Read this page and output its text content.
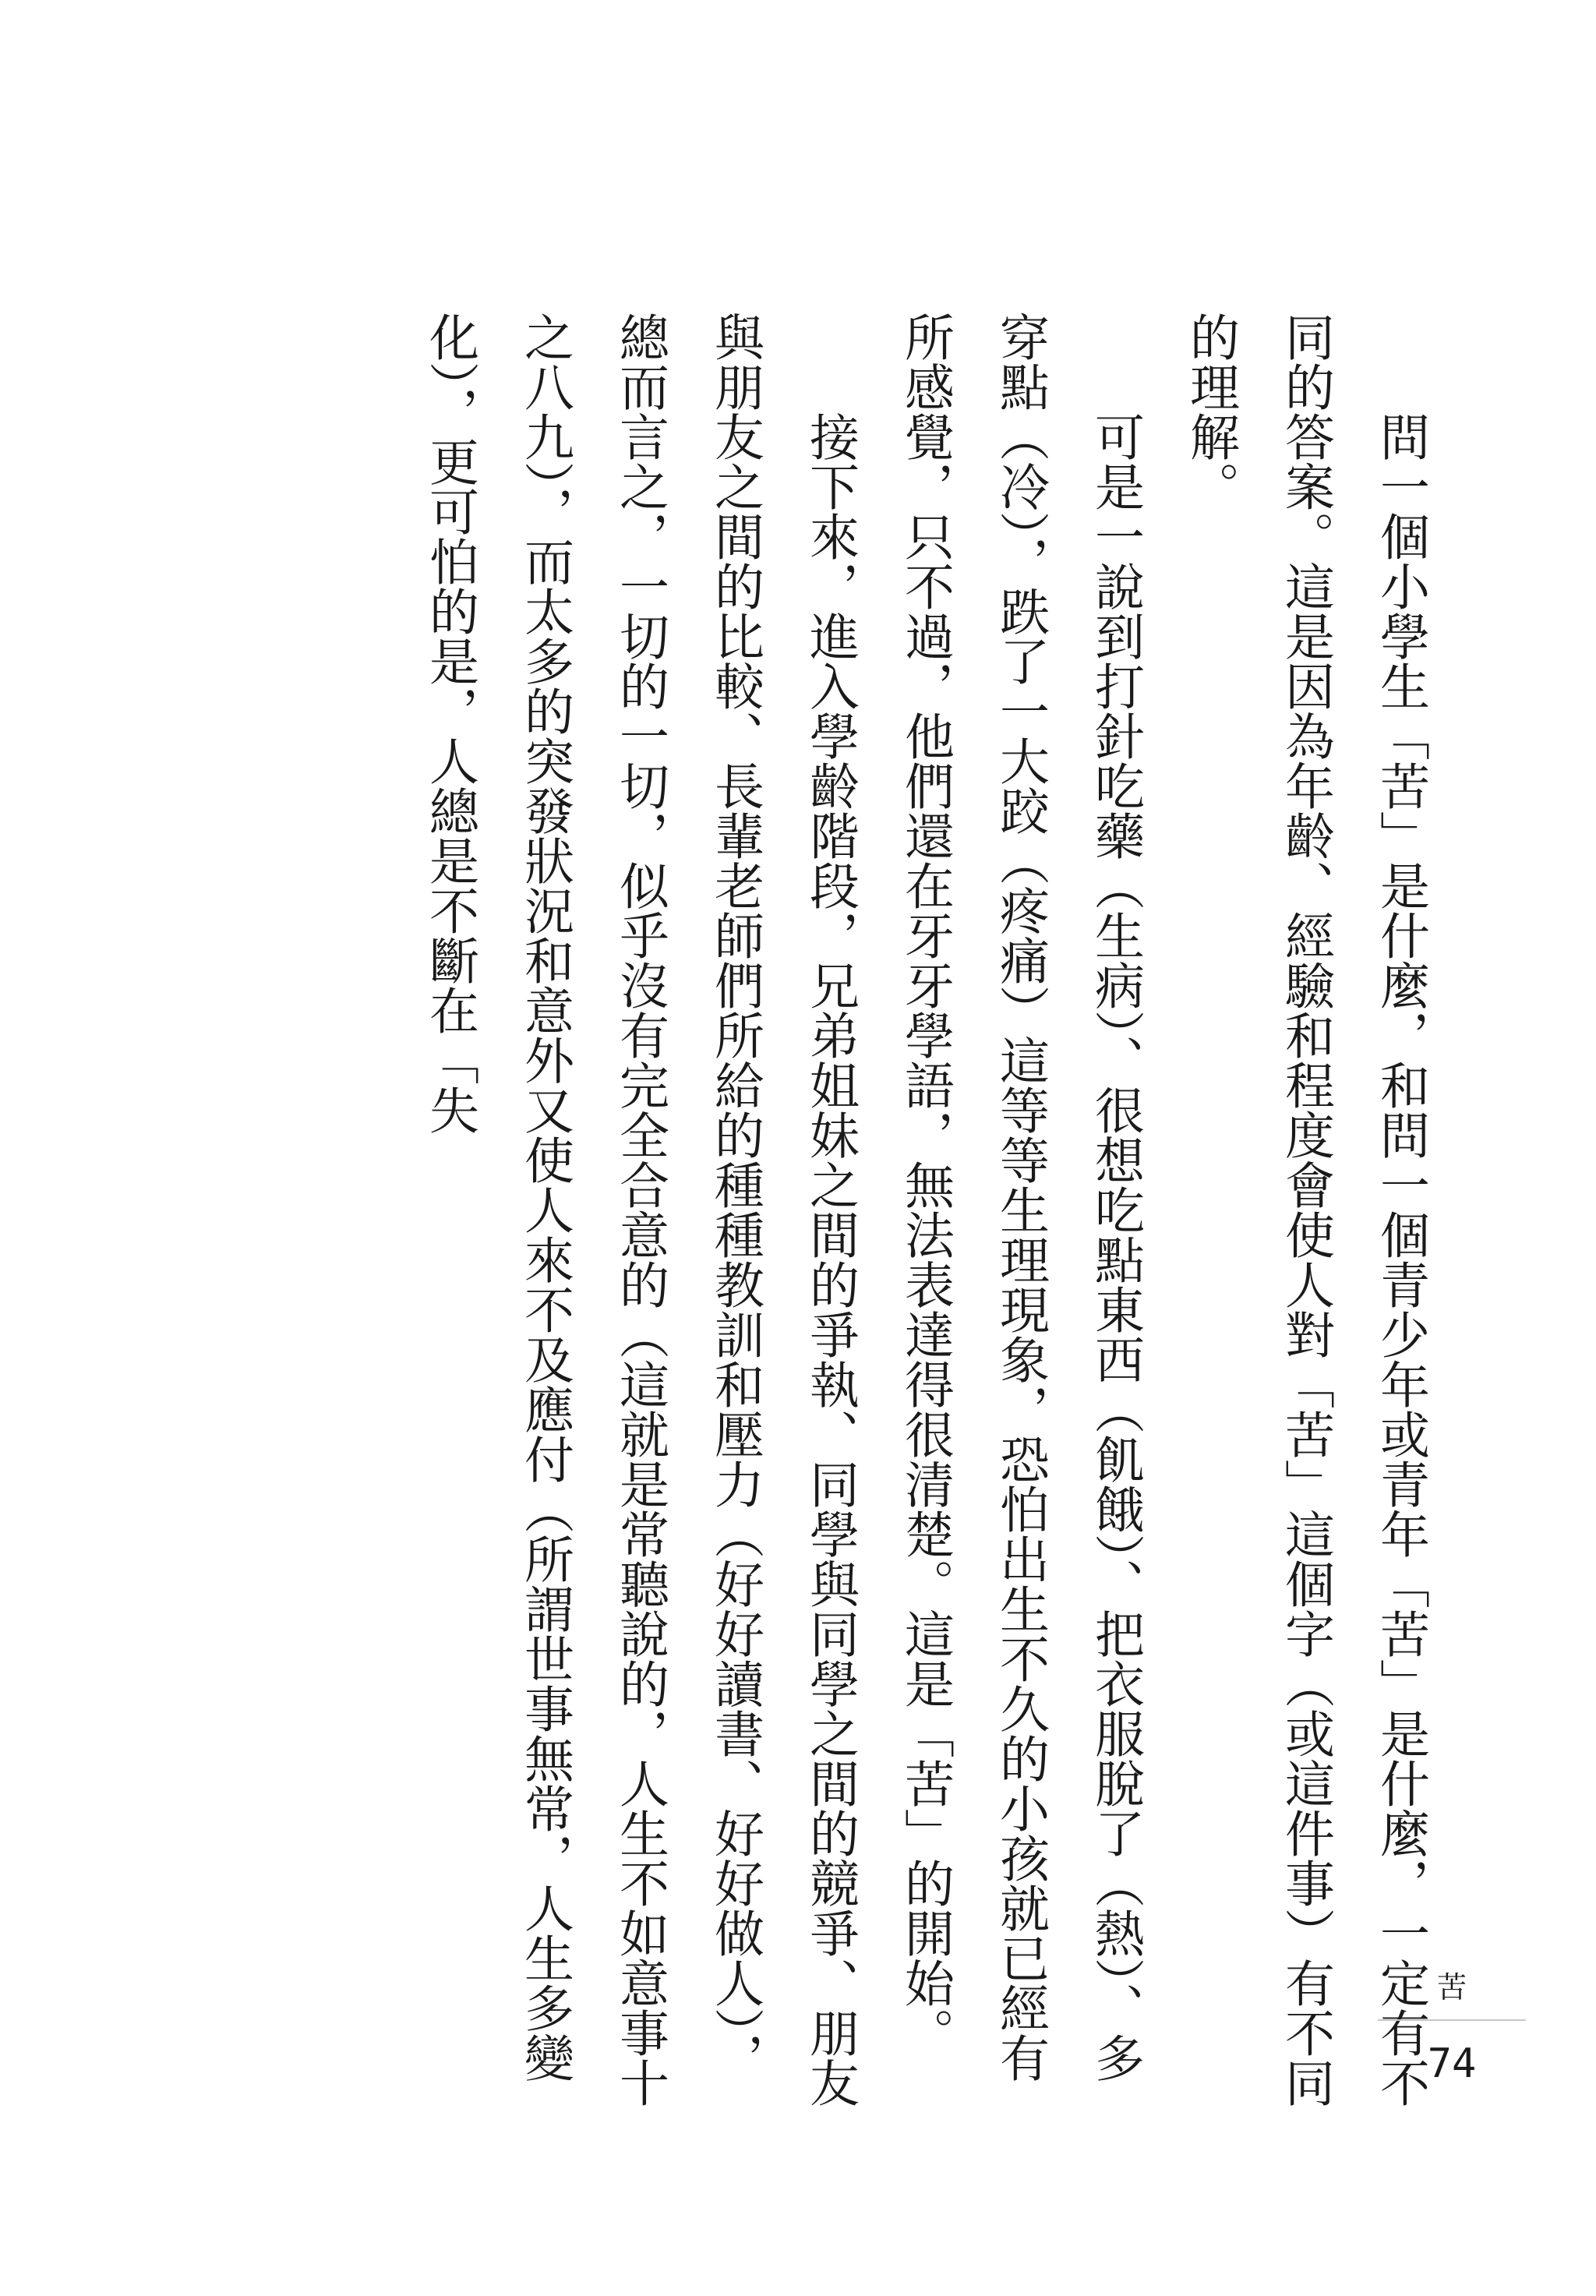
問一個小學生「苦」是什麼，和問一個青少年或青年「苦」是什麼，一定有不同的答案。這是因為年齡、經驗和程度會使人對「苦」這個字（或這件事）有不同的理解。

可是一說到打針吃藥（生病）、很想吃點東西（飢餓）、把衣服脫了（熱）、多穿點（冷），跌了一大跤（疼痛）這等等生理現象，恐怕出生不久的小孩就已經有所感覺，只不過，他們還在牙牙學語，無法表達得很清楚。這是「苦」的開始。

接下來，進入學齡階段，兄弟姐妹之間的爭執、同學與同學之間的競爭、朋友與朋友之間的比較、長輩老師們所給的種種教訓和壓力（好好讀書、好好做人），總而言之，一切的一切，似乎沒有完全合意的（這就是常聽說的，人生不如意事十之八九），而太多的突發狀況和意外又使人來不及應付（所謂世事無常，人生多變化），更可怕的是，人總是不斷在「失

苦
74
